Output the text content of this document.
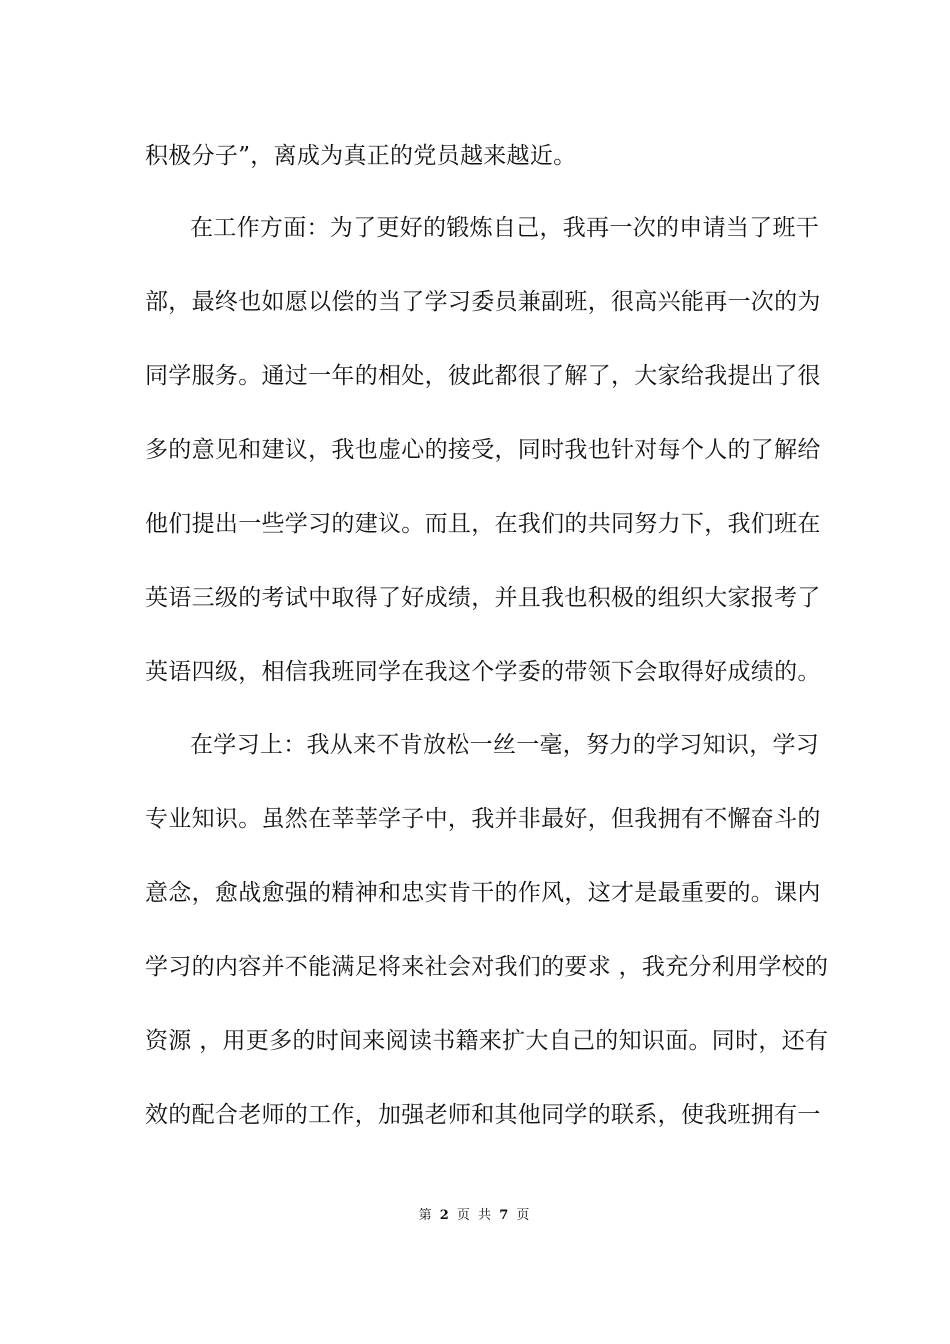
积极分子”，离成为真正的党员越来越近。
在工作方面：为了更好的锻炼自己，我再一次的申请当了班干
部，最终也如愿以偿的当了学习委员兼副班，很高兴能再一次的为
同学服务。通过一年的相处，彼此都很了解了，大家给我提出了很
多的意见和建议，我也虚心的接受，同时我也针对每个人的了解给
他们提出一些学习的建议。而且，在我们的共同努力下，我们班在
英语三级的考试中取得了好成绩，并且我也积极的组织大家报考了
英语四级，相信我班同学在我这个学委的带领下会取得好成绩的。
在学习上：我从来不肯放松一丝一毫，努力的学习知识，学习
专业知识。虽然在莘莘学子中，我并非最好，但我拥有不懈奋斗的
意念，愈战愈强的精神和忠实肯干的作风，这才是最重要的。课内
学习的内容并不能满足将来社会对我们的要求 ，我充分利用学校的
资源 ，用更多的时间来阅读书籍来扩大自己的知识面。同时，还有
效的配合老师的工作，加强老师和其他同学的联系，使我班拥有一
第 2 页 共 7 页
